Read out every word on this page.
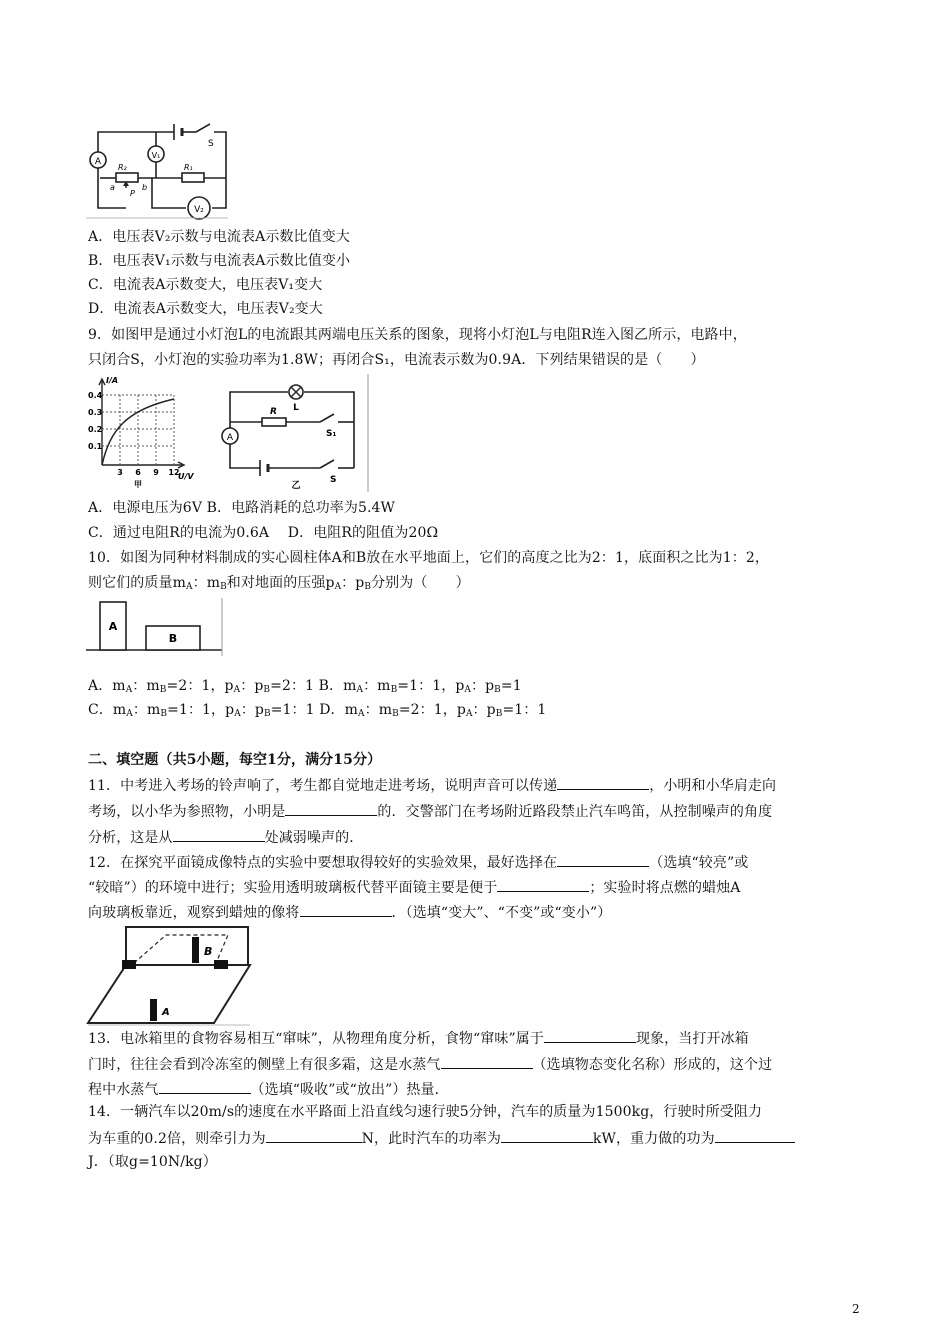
A
V₁
V₂
S
R₂	R₁
a	b
P
A．电压表V₂示数与电流表A示数比值变大
B．电压表V₁示数与电流表A示数比值变小
C．电流表A示数变大，电压表V₁变大
D．电流表A示数变大，电压表V₂变大
9．如图甲是通过小灯泡L的电流跟其两端电压关系的图象，现将小灯泡L与电阻R连入图乙所示，电路中，
只闭合S，小灯泡的实验功率为1.8W；再闭合S₁，电流表示数为0.9A．下列结果错误的是（　　）
I/A
U/V
0.4
0.3
0.2
0.1
3 6 9 12
甲
A
L
R
S₁
S
乙
A．电源电压为6V B．电路消耗的总功率为5.4W
C．通过电阻R的电流为0.6A　 D．电阻R的阻值为20Ω
10．如图为同种材料制成的实心圆柱体A和B放在水平地面上，它们的高度之比为2：1，底面积之比为1：2，
则它们的质量$m_A$：$m_B$和对地面的压强$p_A$：$p_B$分别为（　　）
A
B
A．$m_A$：$m_B=2$：1，$p_A$：$p_B=2$：1 B．$m_A$：$m_B=1$：1，$p_A$：$p_B=1$
C．$m_A$：$m_B=1$：1，$p_A$：$p_B=1$：1 D．$m_A$：$m_B=2$：1，$p_A$：$p_B=1$：1
二、填空题（共5小题，每空1分，满分15分）
11．中考进入考场的铃声响了，考生都自觉地走进考场，说明声音可以传递	，小明和小华肩走向
考场，以小华为参照物，小明是	的．交警部门在考场附近路段禁止汽车鸣笛，从控制噪声的角度
分析，这是从	处减弱噪声的．
12．在探究平面镜成像特点的实验中要想取得较好的实验效果，最好选择在	（选填“较亮”或
“较暗”）的环境中进行；实验用透明玻璃板代替平面镜主要是便于	；实验时将点燃的蜡烛A
向玻璃板靠近，观察到蜡烛的像将	．（选填“变大”、“不变”或“变小”）
B
A
13．电冰箱里的食物容易相互“窜味”，从物理角度分析，食物“窜味”属于	现象，当打开冰箱
门时，往往会看到冷冻室的侧壁上有很多霜，这是水蒸气	（选填物态变化名称）形成的，这个过
程中水蒸气	（选填“吸收”或“放出”）热量．
14．一辆汽车以20m/s的速度在水平路面上沿直线匀速行驶5分钟，汽车的质量为1500kg，行驶时所受阻力
为车重的0.2倍，则牵引力为	N，此时汽车的功率为	kW，重力做的功为
J．（取g=10N/kg）
2
